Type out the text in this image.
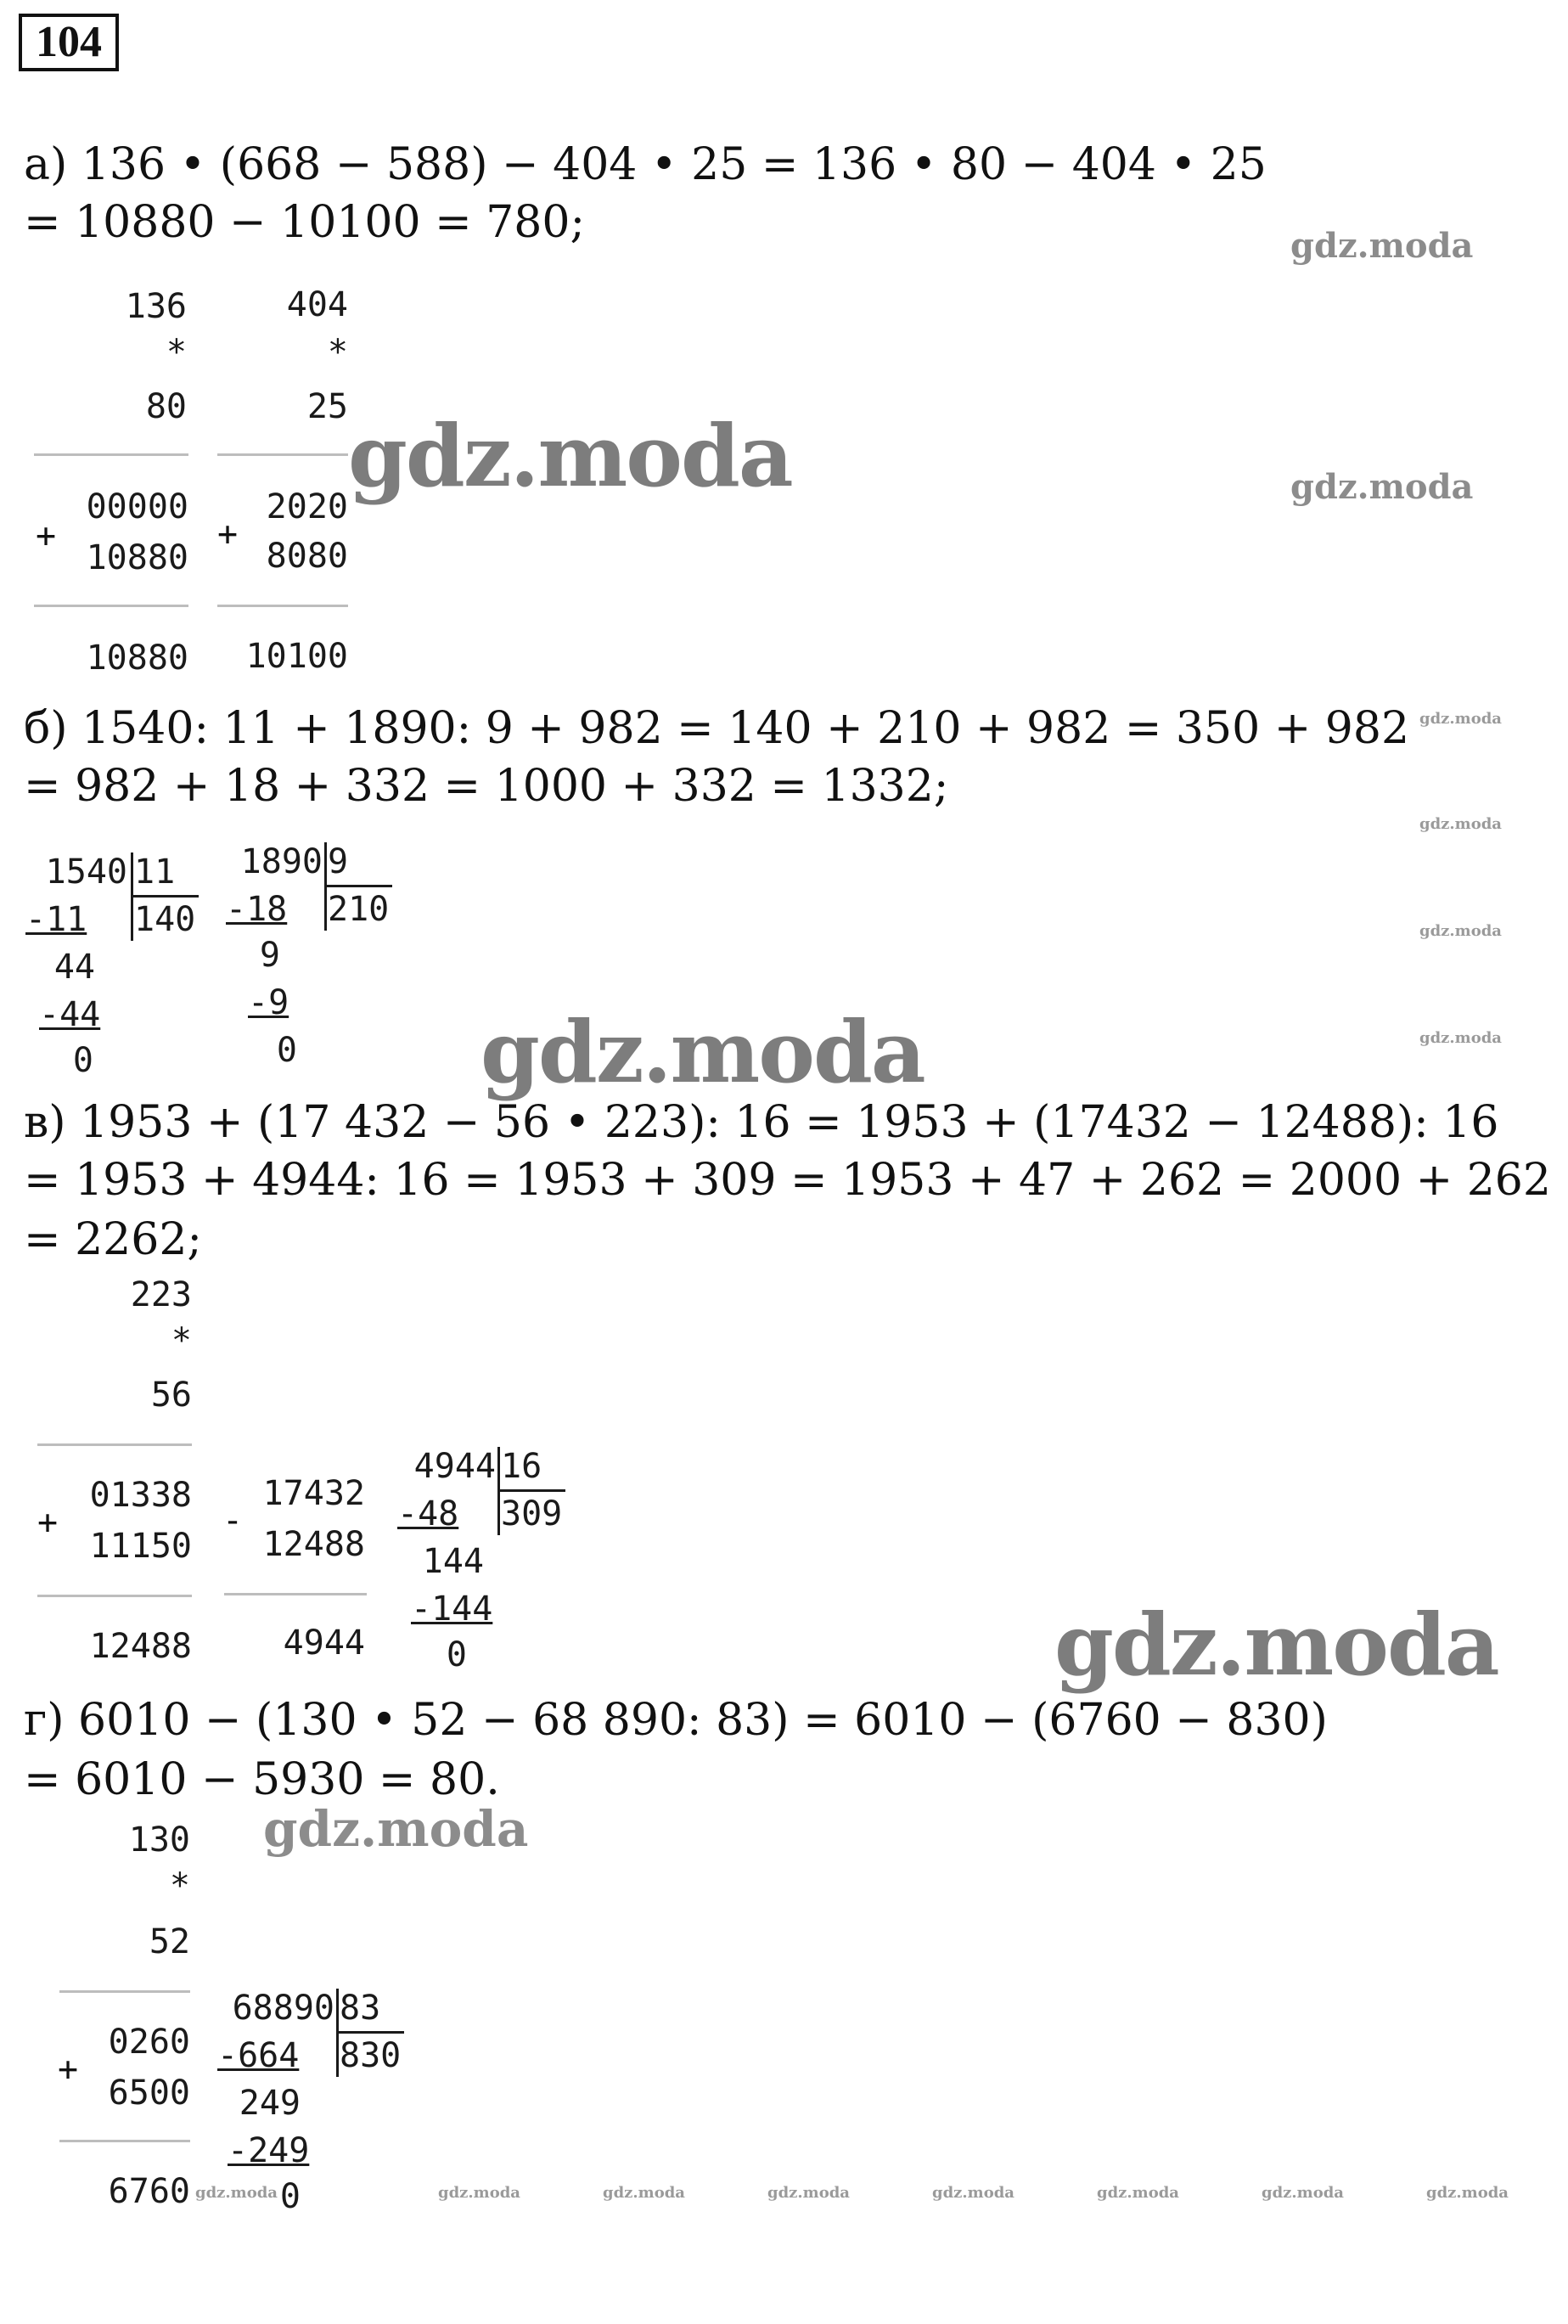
104
а) 136 • (668 − 588) − 404 • 25 = 136 • 80 − 404 • 25
= 10880 − 10100 = 780;
136
*
80
00000
+
10880
10880
404
*
25
2020
+
8080
10100
б) 1540: 11 + 1890: 9 + 982 = 140 + 210 + 982 = 350 + 982
= 982 + 18 + 332 = 1000 + 332 = 1332;
1540 11
140
-11
44
-44
0
1890 9
210
-18
9
-9
0
в) 1953 + (17 432 − 56 • 223): 16 = 1953 + (17432 − 12488): 16
= 1953 + 4944: 16 = 1953 + 309 = 1953 + 47 + 262 = 2000 + 262
= 2262;
223
*
56
01338
+
11150
12488
17432
-
12488
4944
4944 16
309
-48
144
-144
0
г) 6010 − (130 • 52 − 68 890: 83) = 6010 − (6760 − 830)
= 6010 − 5930 = 80.
130
*
52
0260
+
6500
6760
68890 83
830
-664
249
-249
0
gdz.moda
gdz.moda	gdz.moda
gdz.moda
gdz.moda
gdz.moda
gdz.moda	gdz.moda
gdz.moda
gdz.moda
gdz.moda	gdz.moda	gdz.moda	gdz.moda	gdz.moda	gdz.moda	gdz.moda	gdz.moda
